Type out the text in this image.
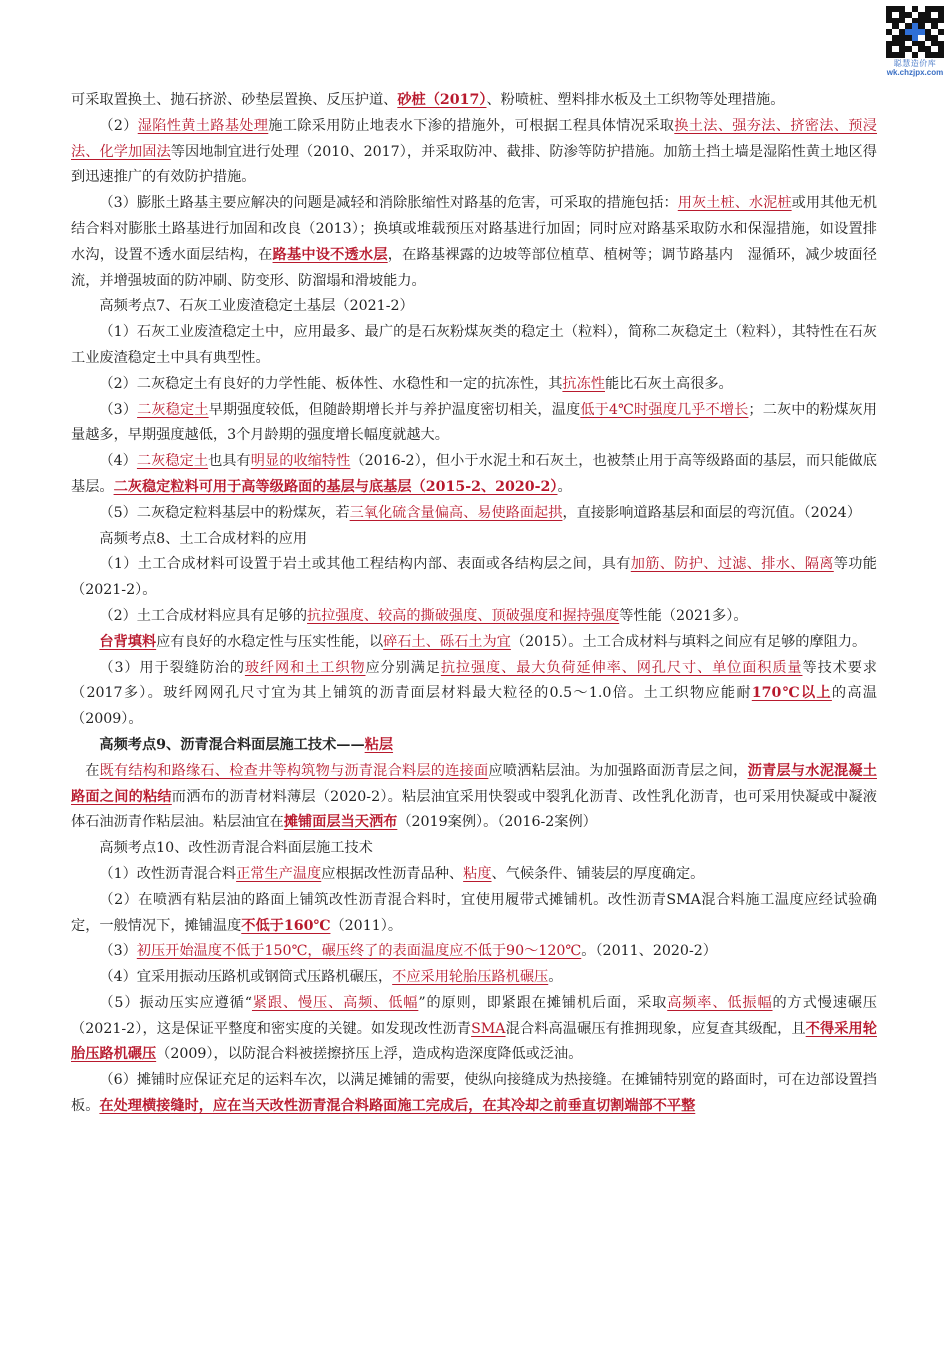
聪慧造价库
wk.chzjpx.com

可采取置换土、抛石挤淤、砂垫层置换、反压护道、砂桩（2017）、粉喷桩、塑料排水板及土工织物等处理措施。

（2）湿陷性黄土路基处理施工除采用防止地表水下渗的措施外，可根据工程具体情况采取换土法、强夯法、挤密法、预浸法、化学加固法等因地制宜进行处理（2010、2017），并采取防冲、截排、防渗等防护措施。加筋土挡土墙是湿陷性黄土地区得到迅速推广的有效防护措施。

（3）膨胀土路基主要应解决的问题是减轻和消除胀缩性对路基的危害，可采取的措施包括：用灰土桩、水泥桩或用其他无机结合料对膨胀土路基进行加固和改良（2013）；换填或堆载预压对路基进行加固；同时应对路基采取防水和保湿措施，如设置排水沟，设置不透水面层结构，在路基中设不透水层，在路基裸露的边坡等部位植草、植树等；调节路基内　湿循环，减少坡面径流，并增强坡面的防冲刷、防变形、防溜塌和滑坡能力。

高频考点7、石灰工业废渣稳定土基层（2021-2）

（1）石灰工业废渣稳定土中，应用最多、最广的是石灰粉煤灰类的稳定土（粒料），简称二灰稳定土（粒料），其特性在石灰工业废渣稳定土中具有典型性。

（2）二灰稳定土有良好的力学性能、板体性、水稳性和一定的抗冻性，其抗冻性能比石灰土高很多。

（3）二灰稳定土早期强度较低，但随龄期增长并与养护温度密切相关，温度低于4℃时强度几乎不增长；二灰中的粉煤灰用量越多，早期强度越低，3个月龄期的强度增长幅度就越大。

（4）二灰稳定土也具有明显的收缩特性（2016-2），但小于水泥土和石灰土，也被禁止用于高等级路面的基层，而只能做底基层。二灰稳定粒料可用于高等级路面的基层与底基层（2015-2、2020-2）。

（5）二灰稳定粒料基层中的粉煤灰，若三氧化硫含量偏高、易使路面起拱，直接影响道路基层和面层的弯沉值。（2024）

高频考点8、土工合成材料的应用

（1）土工合成材料可设置于岩土或其他工程结构内部、表面或各结构层之间，具有加筋、防护、过滤、排水、隔离等功能（2021-2）。

（2）土工合成材料应具有足够的抗拉强度、较高的撕破强度、顶破强度和握持强度等性能（2021多）。

台背填料应有良好的水稳定性与压实性能，以碎石土、砾石土为宜（2015）。土工合成材料与填料之间应有足够的摩阻力。

（3）用于裂缝防治的玻纤网和土工织物应分别满足抗拉强度、最大负荷延伸率、网孔尺寸、单位面积质量等技术要求（2017多）。玻纤网网孔尺寸宜为其上铺筑的沥青面层材料最大粒径的0.5～1.0倍。土工织物应能耐170℃以上的高温（2009）。

高频考点9、沥青混合料面层施工技术——粘层

在既有结构和路缘石、检查井等构筑物与沥青混合料层的连接面应喷洒粘层油。为加强路面沥青层之间，沥青层与水泥混凝土路面之间的粘结而洒布的沥青材料薄层（2020-2）。粘层油宜采用快裂或中裂乳化沥青、改性乳化沥青，也可采用快凝或中凝液体石油沥青作粘层油。粘层油宜在摊铺面层当天洒布（2019案例）。（2016-2案例）

高频考点10、改性沥青混合料面层施工技术

（1）改性沥青混合料正常生产温度应根据改性沥青品种、粘度、气候条件、铺装层的厚度确定。

（2）在喷洒有粘层油的路面上铺筑改性沥青混合料时，宜使用履带式摊铺机。改性沥青SMA混合料施工温度应经试验确定，一般情况下，摊铺温度不低于160℃（2011）。

（3）初压开始温度不低于150℃，碾压终了的表面温度应不低于90～120℃。（2011、2020-2）

（4）宜采用振动压路机或钢筒式压路机碾压，不应采用轮胎压路机碾压。

（5）振动压实应遵循“紧跟、慢压、高频、低幅”的原则，即紧跟在摊铺机后面，采取高频率、低振幅的方式慢速碾压（2021-2），这是保证平整度和密实度的关键。如发现改性沥青SMA混合料高温碾压有推拥现象，应复查其级配，且不得采用轮胎压路机碾压（2009），以防混合料被搓擦挤压上浮，造成构造深度降低或泛油。

（6）摊铺时应保证充足的运料车次，以满足摊铺的需要，使纵向接缝成为热接缝。在摊铺特别宽的路面时，可在边部设置挡板。在处理横接缝时，应在当天改性沥青混合料路面施工完成后，在其冷却之前垂直切割端部不平整
